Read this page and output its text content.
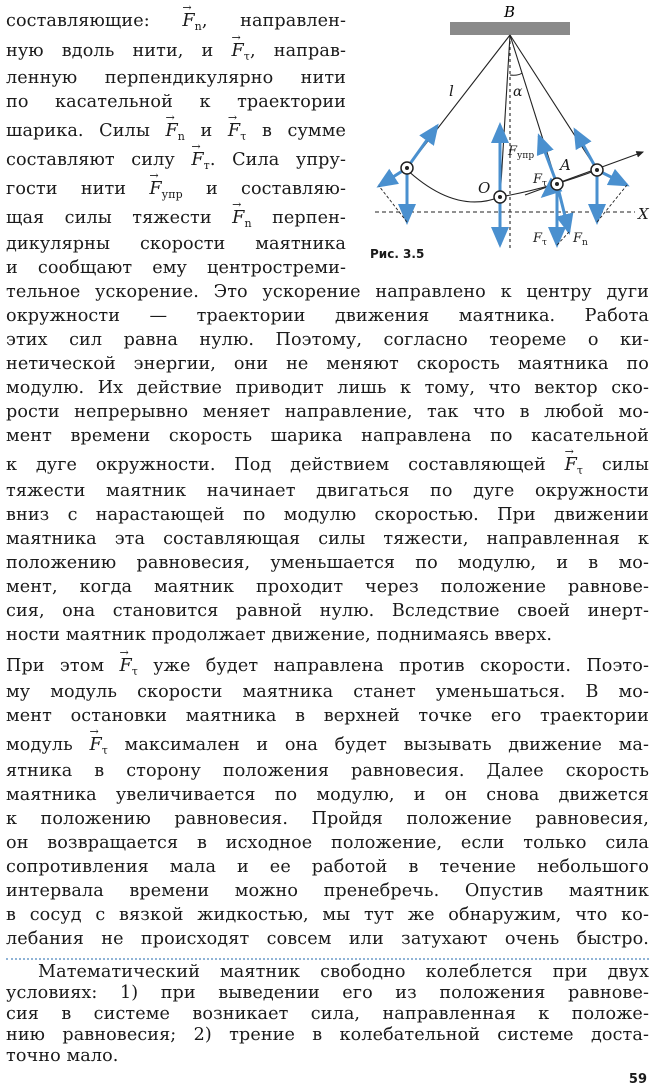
B
l	α
O
A
X
$F_{упр}$
$F_\tau$
$F_\tau$ $F_n$
Рис. 3.5
составляющие: → $F_n$, направлен-
ную вдоль нити, $и \to F_\tau$, направ-
ленную перпендикулярно нити
по касательной к траектории
шарика. Силы → $F_n$ $и \to F_\tau$ в сумме
составляют силу → $F_т$. Сила упру-
гости нити → $F_{упр}$ и составляю-
щая силы тяжести → $F_n$ перпен-
дикулярны скорости маятника
и сообщают ему центростреми-
тельное ускорение. Это ускорение направлено к центру дуги
окружности — траектории движения маятника. Работа
этих сил равна нулю. Поэтому, согласно теореме о ки-
нетической энергии, они не меняют скорость маятника по
модулю. Их действие приводит лишь к тому, что вектор ско-
рости непрерывно меняет направление, так что в любой мо-
мент времени скорость шарика направлена по касательной
к дуге окружности. Под действием составляющей → $F_\tau$ силы
тяжести маятник начинает двигаться по дуге окружности
вниз с нарастающей по модулю скоростью. При движении
маятника эта составляющая силы тяжести, направленная к
положению равновесия, уменьшается по модулю, и в мо-
мент, когда маятник проходит через положение равнове-
сия, она становится равной нулю. Вследствие своей инерт-
ности маятник продолжает движение, поднимаясь вверх.
При этом → $F_\tau$ уже будет направлена против скорости. Поэто-
му модуль скорости маятника станет уменьшаться. В мо-
мент остановки маятника в верхней точке его траектории
модуль → $F_\tau$ максимален и она будет вызывать движение ма-
ятника в сторону положения равновесия. Далее скорость
маятника увеличивается по модулю, и он снова движется
к положению равновесия. Пройдя положение равновесия,
он возвращается в исходное положение, если только сила
сопротивления мала и ее работой в течение небольшого
интервала времени можно пренебречь. Опустив маятник
в сосуд с вязкой жидкостью, мы тут же обнаружим, что ко-
лебания не происходят совсем или затухают очень быстро.
Математический маятник свободно колеблется при двух
условиях: 1) при выведении его из положения равнове-
сия в системе возникает сила, направленная к положе-
нию равновесия; 2) трение в колебательной системе доста-
59
точно мало.
